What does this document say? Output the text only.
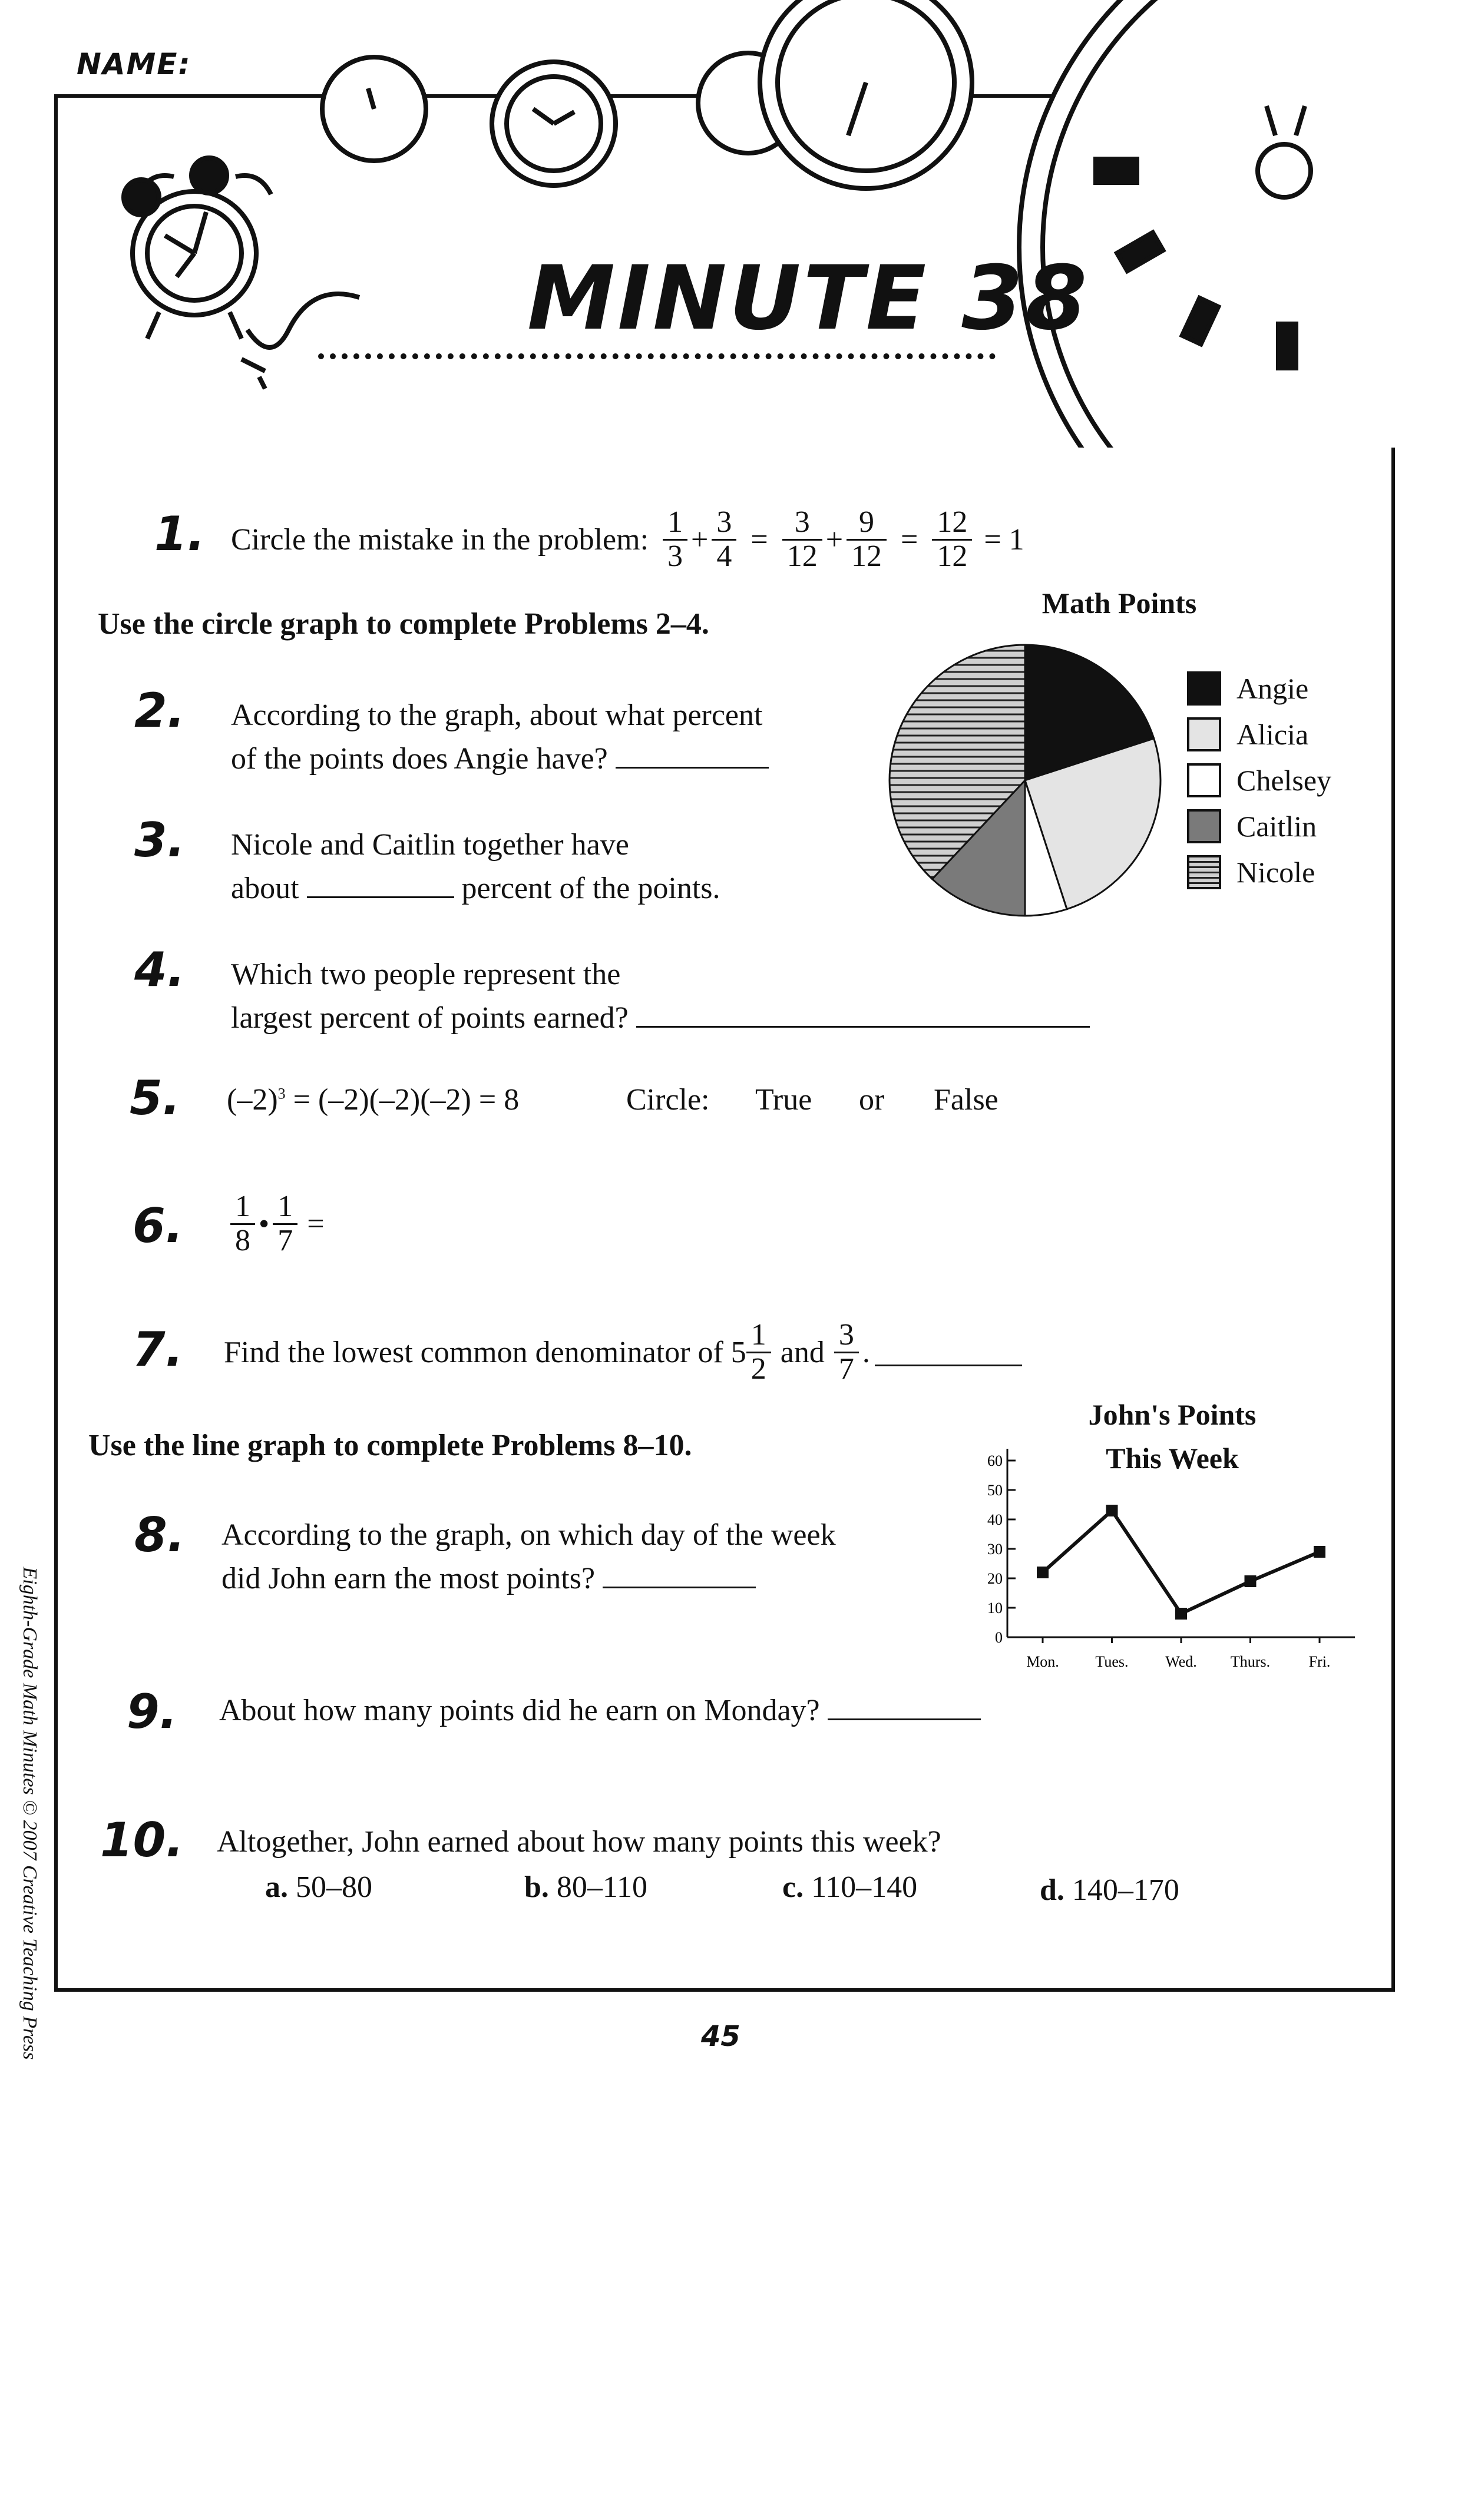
NAME:
MINUTE 38
1. Circle the mistake in the problem: $\frac{1}{3} + \frac{3}{4} = \frac{3}{12} + \frac{9}{12} = \frac{12}{12} = 1$
Use the circle graph to complete Problems 2–4.
2. According to the graph, about what percent
of the points does Angie have?
3. Nicole and Caitlin together have
about	percent of the points.
4. Which two people represent the
largest percent of points earned?
5. $(-2)^3 = (-2)(-2)(-2) = 8$	Circle: True or False
6. $\frac{1}{8}$ • $\frac{1}{7}$ =
7. Find the lowest common denominator of $5 \frac{1}{2}$ and $\frac{3}{7}$ .
Use the line graph to complete Problems 8–10.
8. According to the graph, on which day of the week
did John earn the most points?
9. About how many points did he earn on Monday?
10. Altogether, John earned about how many points this week?
a. 50–80	b. 80–110	c. 110–140	d. 140–170
Math Points
Angie
Alicia
Chelsey
Caitlin
Nicole
John's Points
This Week
0
10
20
30
40
50
60
Mon. Tues. Wed. Thurs.	Fri.
Eighth-Grade Math Minutes © 2007 Creative Teaching Press	45
